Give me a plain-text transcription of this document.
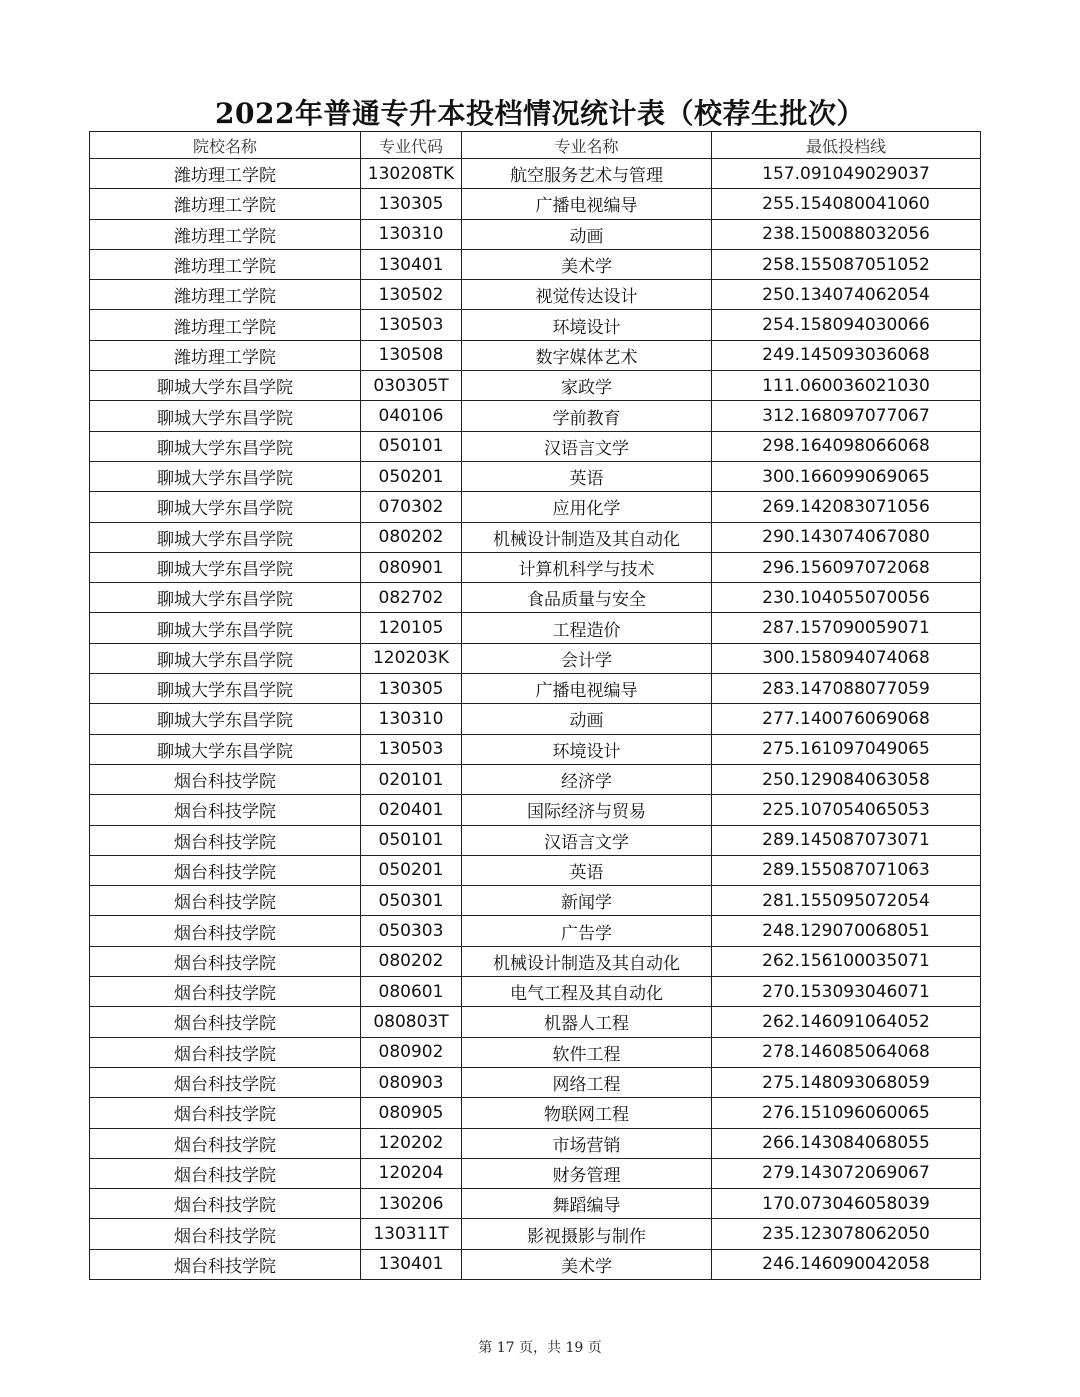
2022年普通专升本投档情况统计表（校荐生批次）
院校名称	专业代码	专业名称	最低投档线
潍坊理工学院	130208TK	航空服务艺术与管理	157.091049029037
潍坊理工学院	130305	广播电视编导	255.154080041060
潍坊理工学院	130310	动画	238.150088032056
潍坊理工学院	130401	美术学	258.155087051052
潍坊理工学院	130502	视觉传达设计	250.134074062054
潍坊理工学院	130503	环境设计	254.158094030066
潍坊理工学院	130508	数字媒体艺术	249.145093036068
聊城大学东昌学院	030305T	家政学	111.060036021030
聊城大学东昌学院	040106	学前教育	312.168097077067
聊城大学东昌学院	050101	汉语言文学	298.164098066068
聊城大学东昌学院	050201	英语	300.166099069065
聊城大学东昌学院	070302	应用化学	269.142083071056
聊城大学东昌学院	080202	机械设计制造及其自动化	290.143074067080
聊城大学东昌学院	080901	计算机科学与技术	296.156097072068
聊城大学东昌学院	082702	食品质量与安全	230.104055070056
聊城大学东昌学院	120105	工程造价	287.157090059071
聊城大学东昌学院	120203K	会计学	300.158094074068
聊城大学东昌学院	130305	广播电视编导	283.147088077059
聊城大学东昌学院	130310	动画	277.140076069068
聊城大学东昌学院	130503	环境设计	275.161097049065
烟台科技学院	020101	经济学	250.129084063058
烟台科技学院	020401	国际经济与贸易	225.107054065053
烟台科技学院	050101	汉语言文学	289.145087073071
烟台科技学院	050201	英语	289.155087071063
烟台科技学院	050301	新闻学	281.155095072054
烟台科技学院	050303	广告学	248.129070068051
烟台科技学院	080202	机械设计制造及其自动化	262.156100035071
烟台科技学院	080601	电气工程及其自动化	270.153093046071
烟台科技学院	080803T	机器人工程	262.146091064052
烟台科技学院	080902	软件工程	278.146085064068
烟台科技学院	080903	网络工程	275.148093068059
烟台科技学院	080905	物联网工程	276.151096060065
烟台科技学院	120202	市场营销	266.143084068055
烟台科技学院	120204	财务管理	279.143072069067
烟台科技学院	130206	舞蹈编导	170.073046058039
烟台科技学院	130311T	影视摄影与制作	235.123078062050
烟台科技学院	130401	美术学	246.146090042058
第 17 页，共 19 页
